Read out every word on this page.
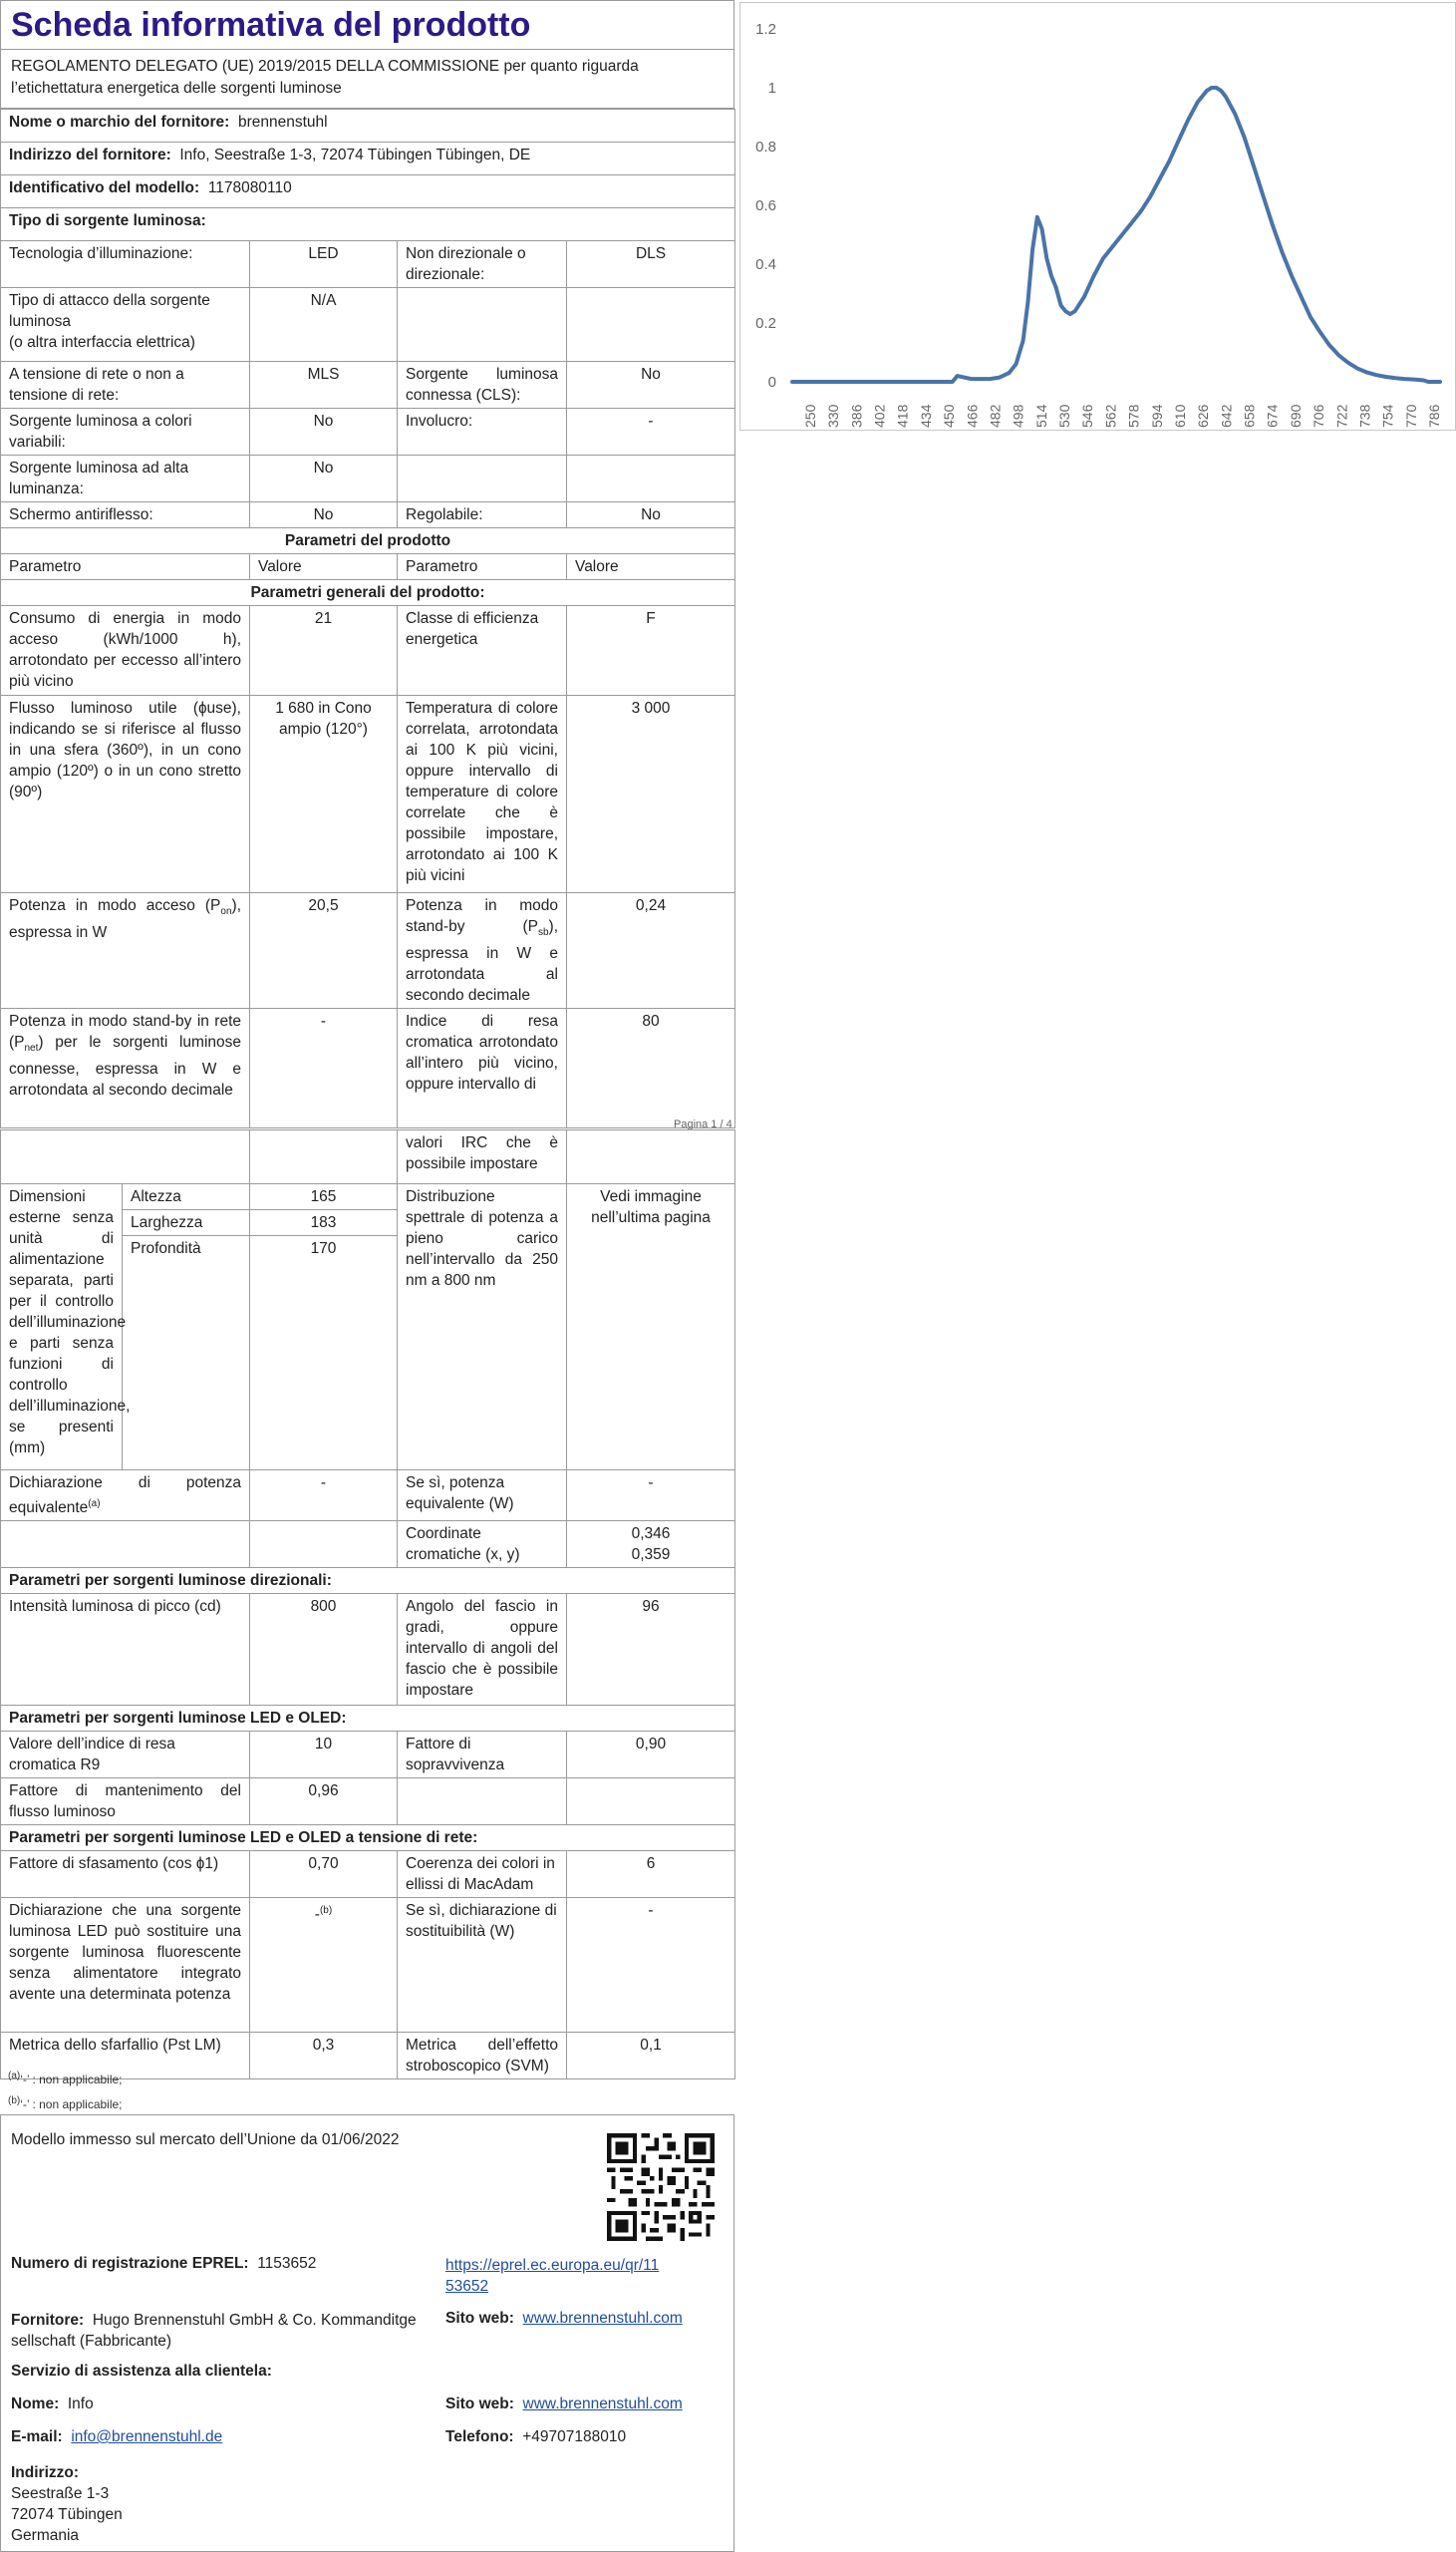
Scheda informativa del prodotto
REGOLAMENTO DELEGATO (UE) 2019/2015 DELLA COMMISSIONE per quanto riguarda l’etichettatura energetica delle sorgenti luminose
Nome o marchio del fornitore: brennenstuhl			
Indirizzo del fornitore: Info, Seestraße 1-3, 72074 Tübingen Tübingen, DE			
Identificativo del modello: 1178080110			
Tipo di sorgente luminosa:			
Tecnologia d’illuminazione:	LED	Non direzionale o direzionale:	DLS

Tipo di attacco della sorgente luminosa
(o altra interfaccia elettrica)	N/A		
A tensione di rete o non a tensione di rete:	MLS	Sorgente luminosa connessa (CLS):	No
Sorgente luminosa a colori variabili:	No	Involucro:	-
Sorgente luminosa ad alta luminanza:	No		
Schermo antiriflesso:	No	Regolabile:	No
Parametri del prodotto			
Parametro	Valore	Parametro	Valore
Parametri generali del prodotto:			
Consumo di energia in modo acceso (kWh/1000 h), arrotondato per eccesso all’intero più vicino	21	Classe di efficienza energetica	F
Flusso luminoso utile (ɸuse), indicando se si riferisce al flusso in una sfera (360º), in un cono ampio (120º) o in un cono stretto (90º)	1 680 in Cono ampio (120°)	Temperatura di colore correlata, arrotondata ai 100 K più vicini, oppure intervallo di temperature di colore correlate che è possibile impostare, arrotondato ai 100 K più vicini	3 000
Potenza in modo acceso $(P_{on})$, espressa in W	20,5	Potenza in modo stand-by $(P_{sb})$, espressa in W e arrotondata al secondo decimale	0,24
Potenza in modo stand-by in rete $(P_{net})$ per le sorgenti luminose connesse, espressa in W e arrotondata al secondo decimale	-	Indice di resa cromatica arrotondato all’intero più vicino, oppure intervallo di	80
Pagina 1 / 4
			valori IRC che è possibile impostare	
Dimensioni esterne senza unità di alimentazione separata, parti per il controllo dell’illuminazione e parti senza funzioni di controllo dell’illuminazione, se presenti (mm)	Altezza	165	Distribuzione spettrale di potenza a pieno carico nell’intervallo da 250 nm a 800 nm	Vedi immagine nell’ultima pagina
	Larghezza	183		
	Profondità	170		
Dichiarazione di potenza equivalente$^{(a)}$		-	Se sì, potenza equivalente (W)	-
			Coordinate cromatiche (x, y)	0,346
0,359

Parametri per sorgenti luminose direzionali:				
Intensità luminosa di picco (cd)		800	Angolo del fascio in gradi, oppure intervallo di angoli del fascio che è possibile impostare	96
Parametri per sorgenti luminose LED e OLED:				
Valore dell’indice di resa cromatica R9		10	Fattore di sopravvivenza	0,90
Fattore di mantenimento del flusso luminoso		0,96		
Parametri per sorgenti luminose LED e OLED a tensione di rete:				
Fattore di sfasamento (cos ɸ1)		0,70	Coerenza dei colori in ellissi di MacAdam	6
Dichiarazione che una sorgente luminosa LED può sostituire una sorgente luminosa fluorescente senza alimentatore integrato avente una determinata potenza		-$^{(b)}$	Se sì, dichiarazione di sostituibilità (W)	-
Metrica dello sfarfallio (Pst LM)		0,3	Metrica dell’effetto stroboscopico (SVM)	0,1
$^{(a)}$‘-’ : non applicabile;
$^{(b)}$‘-’ : non applicabile;
Modello immesso sul mercato dell’Unione da 01/06/2022
Numero di registrazione EPREL: 1153652	https://eprel.ec.europa.eu/qr/11
53652
Fornitore: Hugo Brennenstuhl GmbH & Co. Kommanditge
sellschaft (Fabbricante)
Sito web: www.brennenstuhl.com
Servizio di assistenza alla clientela:
Nome: Info	Sito web: www.brennenstuhl.com
E-mail: info@brennenstuhl.de	Telefono: +49707188010
Indirizzo:
Seestraße 1-3
72074 Tübingen
Germania
0
0.2
0.4
0.6
0.8
1
1.2
250 330 386 402 418 434 450 466 482 498 514 530 546 562 578 594 610 626 642 658 674 690 706 722 738 754 770 786
